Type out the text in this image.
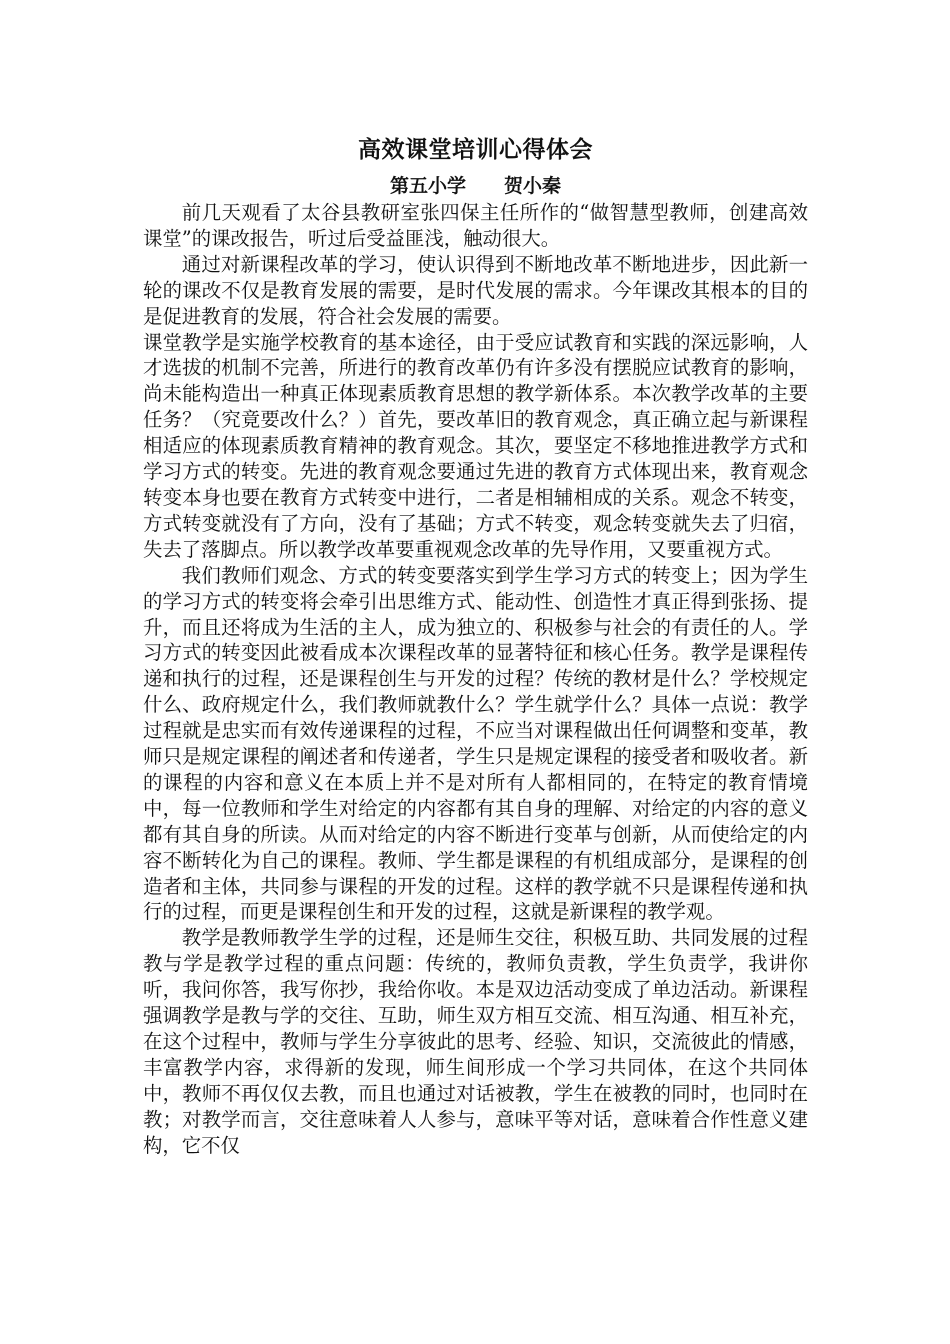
高效课堂培训心得体会
第五小学　　贺小秦

前几天观看了太谷县教研室张四保主任所作的“做智慧型教师，创建高效课堂”的课改报告，听过后受益匪浅，触动很大。

通过对新课程改革的学习，使认识得到不断地改革不断地进步，因此新一轮的课改不仅是教育发展的需要，是时代发展的需求。今年课改其根本的目的是促进教育的发展，符合社会发展的需要。

课堂教学是实施学校教育的基本途径，由于受应试教育和实践的深远影响，人才选拔的机制不完善，所进行的教育改革仍有许多没有摆脱应试教育的影响，尚未能构造出一种真正体现素质教育思想的教学新体系。本次教学改革的主要任务？（究竟要改什么？）首先，要改革旧的教育观念，真正确立起与新课程相适应的体现素质教育精神的教育观念。其次，要坚定不移地推进教学方式和学习方式的转变。先进的教育观念要通过先进的教育方式体现出来，教育观念转变本身也要在教育方式转变中进行，二者是相辅相成的关系。观念不转变，方式转变就没有了方向，没有了基础；方式不转变，观念转变就失去了归宿，失去了落脚点。所以教学改革要重视观念改革的先导作用，又要重视方式。

我们教师们观念、方式的转变要落实到学生学习方式的转变上；因为学生的学习方式的转变将会牵引出思维方式、能动性、创造性才真正得到张扬、提升，而且还将成为生活的主人，成为独立的、积极参与社会的有责任的人。学习方式的转变因此被看成本次课程改革的显著特征和核心任务。教学是课程传递和执行的过程，还是课程创生与开发的过程？传统的教材是什么？学校规定什么、政府规定什么，我们教师就教什么？学生就学什么？具体一点说：教学过程就是忠实而有效传递课程的过程，不应当对课程做出任何调整和变革，教师只是规定课程的阐述者和传递者，学生只是规定课程的接受者和吸收者。新的课程的内容和意义在本质上并不是对所有人都相同的，在特定的教育情境中，每一位教师和学生对给定的内容都有其自身的理解、对给定的内容的意义都有其自身的所读。从而对给定的内容不断进行变革与创新，从而使给定的内容不断转化为自己的课程。教师、学生都是课程的有机组成部分，是课程的创造者和主体，共同参与课程的开发的过程。这样的教学就不只是课程传递和执行的过程，而更是课程创生和开发的过程，这就是新课程的教学观。

教学是教师教学生学的过程，还是师生交往，积极互助、共同发展的过程教与学是教学过程的重点问题：传统的，教师负责教，学生负责学，我讲你听，我问你答，我写你抄，我给你收。本是双边活动变成了单边活动。新课程强调教学是教与学的交往、互助，师生双方相互交流、相互沟通、相互补充，在这个过程中，教师与学生分享彼此的思考、经验、知识，交流彼此的情感，丰富教学内容，求得新的发现，师生间形成一个学习共同体，在这个共同体中，教师不再仅仅去教，而且也通过对话被教，学生在被教的同时，也同时在教；对教学而言，交往意味着人人参与，意味平等对话，意味着合作性意义建构，它不仅
